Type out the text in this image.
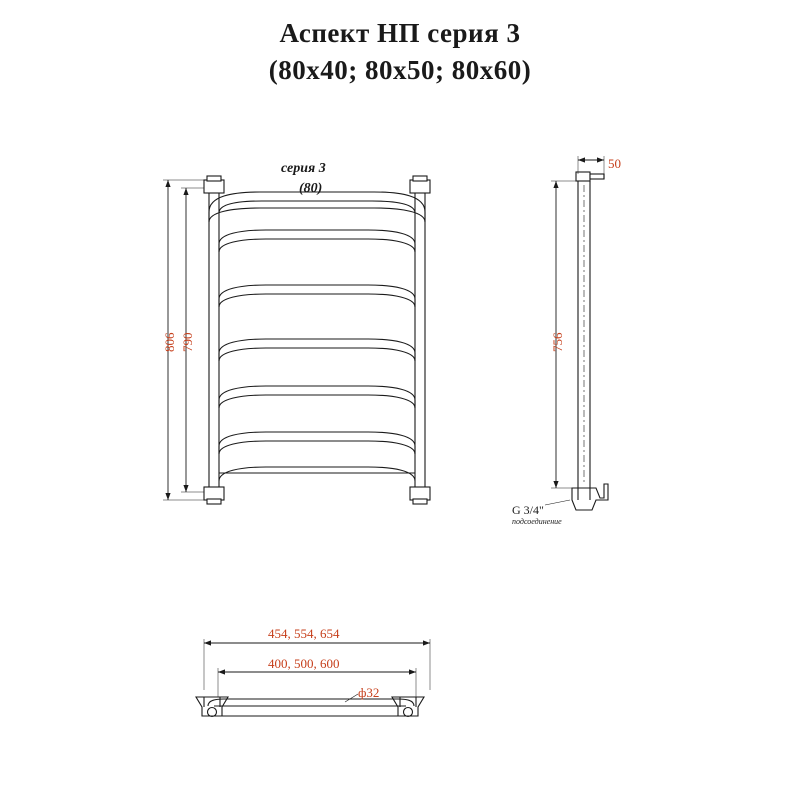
Аспект НП серия 3
(80x40; 80x50; 80x60)
806 790
серия 3
(80)
50
756
G 3/4"
подсоединение
454, 554, 654
400, 500, 600
ф32
